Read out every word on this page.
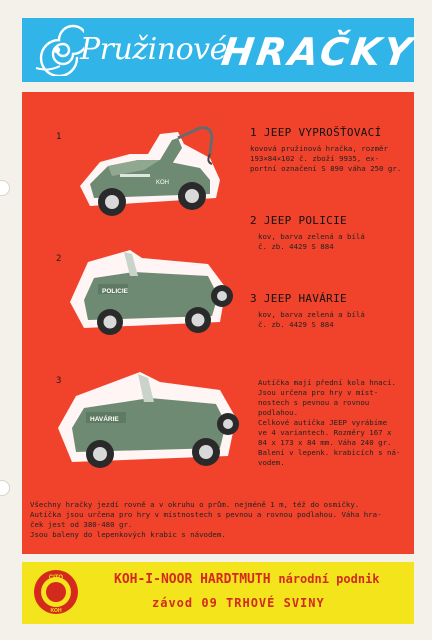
Pružinové
HRAČKY
1
2
3
KOH
POLICIE
HAVÁRIE
1 JEEP VYPROŠŤOVACÍ
kovová pružinová hračka, rozměr
193×84×102 č. zboží 9935, ex-
portní označení S 890 váha 250 gr.
2 JEEP POLICIE
kov, barva zelená a bílá
č. zb. 4429 S 884
3 JEEP HAVÁRIE
kov, barva zelená a bílá
č. zb. 4429 S 884
Autíčka mají přední kola hnací. Jsou určena pro hry v míst-
nostech s pevnou a rovnou podlahou.
Celkové autíčka JEEP vyrábíme
ve 4 variantech. Rozměry 167 x
84 x 173 x 84 mm. Váha 240 gr.
Balení v lepenk. krabicích s ná-
vodem.
Všechny hračky jezdí rovně a v okruhu o prům. nejméně 1 m, též do osmičky.
Autíčka jsou určena pro hry v místnostech s pevnou a rovnou podlahou. Váha hra-
ček jest od 380-480 gr.
Jsou baleny do lepenkových krabic s návodem.
CITO
KOH
KOH-I-NOOR HARDTMUTH národní podnik
závod 09 TRHOVÉ SVINY
